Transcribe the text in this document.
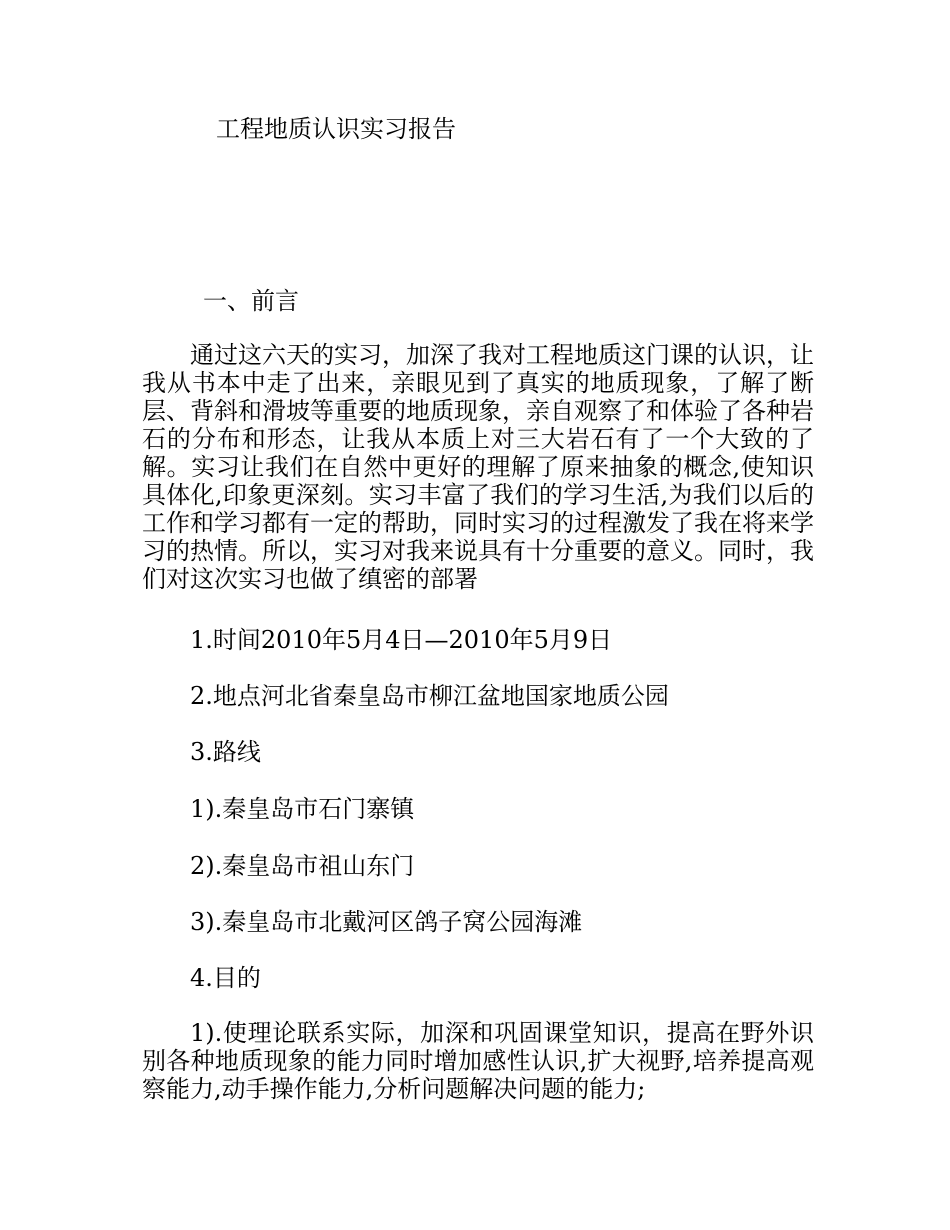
工程地质认识实习报告
一、前言

通过这六天的实习，加深了我对工程地质这门课的认识，让我从书本中走了出来，亲眼见到了真实的地质现象，了解了断层、背斜和滑坡等重要的地质现象，亲自观察了和体验了各种岩石的分布和形态，让我从本质上对三大岩石有了一个大致的了解。实习让我们在自然中更好的理解了原来抽象的概念,使知识具体化,印象更深刻。实习丰富了我们的学习生活,为我们以后的工作和学习都有一定的帮助，同时实习的过程激发了我在将来学习的热情。所以，实习对我来说具有十分重要的意义。同时，我们对这次实习也做了缜密的部署

1.时间2010年5月4日—2010年5月9日
2.地点河北省秦皇岛市柳江盆地国家地质公园
3.路线
1).秦皇岛市石门寨镇
2).秦皇岛市祖山东门
3).秦皇岛市北戴河区鸽子窝公园海滩
4.目的

1).使理论联系实际，加深和巩固课堂知识，提高在野外识别各种地质现象的能力同时增加感性认识,扩大视野,培养提高观察能力,动手操作能力,分析问题解决问题的能力;
